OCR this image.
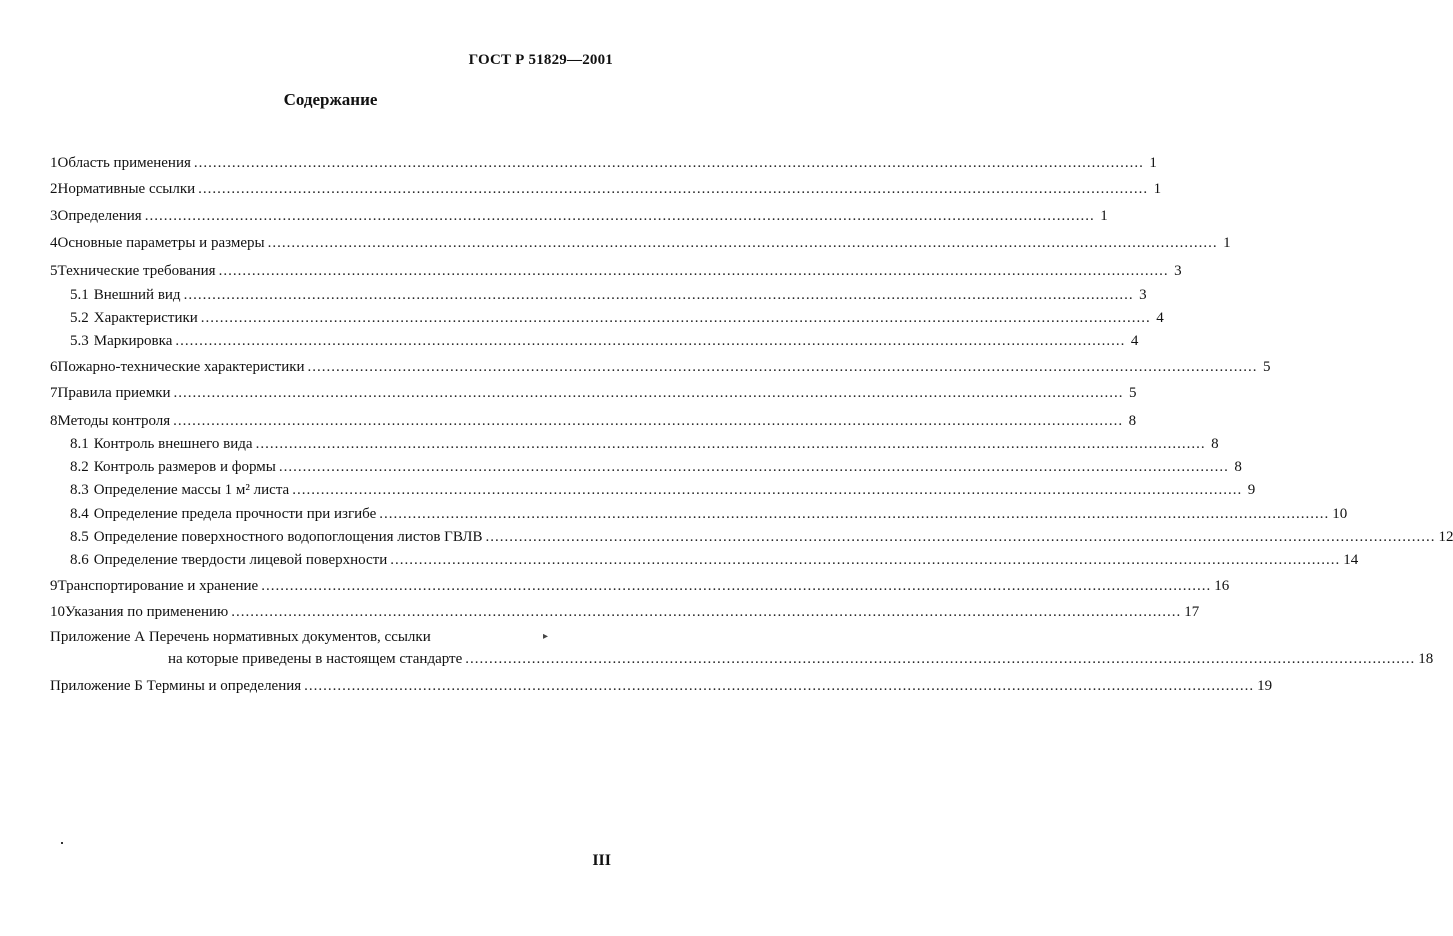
ГОСТ Р 51829—2001
Содержание
1 Область применения ........................................................................................................................................................................................................ 1
2 Нормативные ссылки ........................................................................................................................................................................................................ 1
3 Определения ........................................................................................................................................................................................................ 1
4 Основные параметры и размеры ........................................................................................................................................................................................................ 1
5 Технические требования ........................................................................................................................................................................................................ 3
5.1 Внешний вид ........................................................................................................................................................................................................ 3
5.2 Характеристики ........................................................................................................................................................................................................ 4
5.3 Маркировка ........................................................................................................................................................................................................ 4
6 Пожарно-технические характеристики ........................................................................................................................................................................................................ 5
7 Правила приемки ........................................................................................................................................................................................................ 5
8 Методы контроля ........................................................................................................................................................................................................ 8
8.1 Контроль внешнего вида ........................................................................................................................................................................................................ 8
8.2 Контроль размеров и формы ........................................................................................................................................................................................................ 8
8.3 Определение массы 1 м² листа ........................................................................................................................................................................................................ 9
8.4 Определение предела прочности при изгибе ........................................................................................................................................................................................................ 10
8.5 Определение поверхностного водопоглощения листов ГВЛВ ........................................................................................................................................................................................................ 12
8.6 Определение твердости лицевой поверхности ........................................................................................................................................................................................................ 14
9 Транспортирование и хранение ........................................................................................................................................................................................................ 16
10 Указания по применению ........................................................................................................................................................................................................ 17
Приложение А Перечень нормативных документов, ссылки	▸
на которые приведены в настоящем стандарте ........................................................................................................................................................................................................ 18
Приложение Б Термины и определения ........................................................................................................................................................................................................ 19
III
